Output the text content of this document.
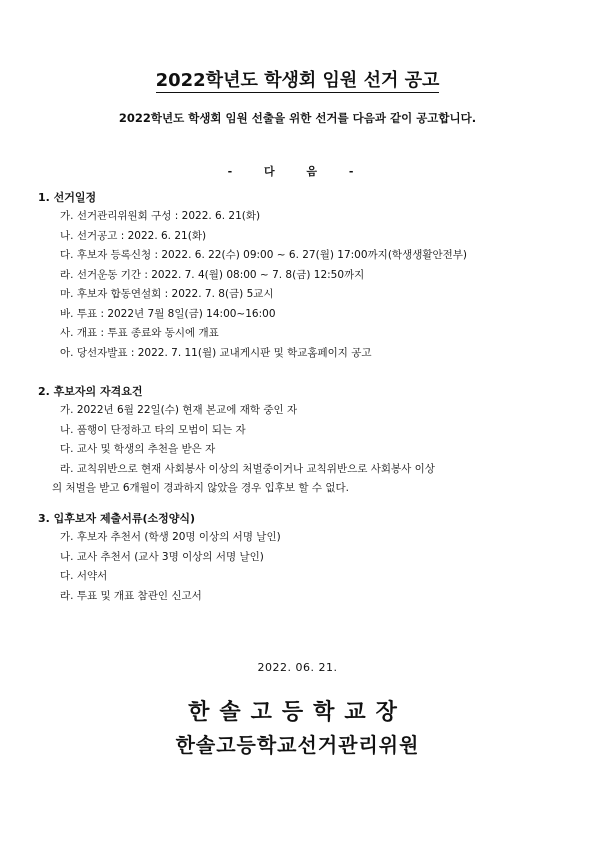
2022학년도 학생회 임원 선거 공고
2022학년도 학생회 임원 선출을 위한 선거를 다음과 같이 공고합니다.
- 다 음 -
1. 선거일정
가. 선거관리위원회 구성 : 2022. 6. 21(화)
나. 선거공고 : 2022. 6. 21(화)
다. 후보자 등록신청 : 2022. 6. 22(수) 09:00 ~ 6. 27(월) 17:00까지(학생생활안전부)
라. 선거운동 기간 : 2022. 7. 4(월) 08:00 ~ 7. 8(금) 12:50까지
마. 후보자 합동연설회 : 2022. 7. 8(금) 5교시
바. 투표 : 2022년 7월 8일(금) 14:00~16:00
사. 개표 : 투표 종료와 동시에 개표
아. 당선자발표 : 2022. 7. 11(월) 교내게시판 및 학교홈페이지 공고
2. 후보자의 자격요건
가. 2022년 6월 22일(수) 현재 본교에 재학 중인 자
나. 품행이 단정하고 타의 모범이 되는 자
다. 교사 및 학생의 추천을 받은 자
라. 교칙위반으로 현재 사회봉사 이상의 처벌중이거나 교칙위반으로 사회봉사 이상
의 처벌을 받고 6개월이 경과하지 않았을 경우 입후보 할 수 없다.
3. 입후보자 제출서류(소정양식)
가. 후보자 추천서 (학생 20명 이상의 서명 날인)
나. 교사 추천서 (교사 3명 이상의 서명 날인)
다. 서약서
라. 투표 및 개표 참관인 신고서
2022. 06. 21.
한솔고등학교장
한솔고등학교선거관리위원
